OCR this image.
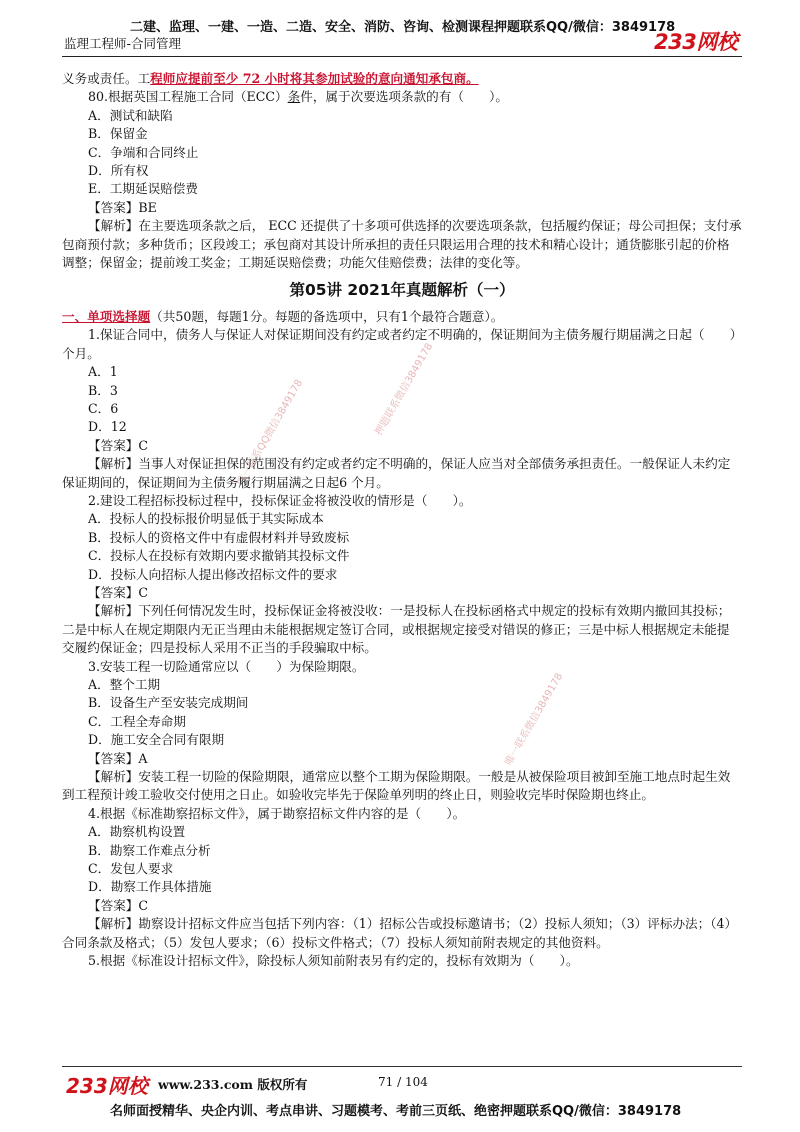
二建、监理、一建、一造、二造、安全、消防、咨询、检测课程押题联系QQ/微信：3849178
监理工程师-合同管理	233网校
唯一联系QQ微信3849178	押题联系微信3849178
唯一联系微信3849178

义务或责任。工程师应提前至少 72 小时将其参加试验的意向通知承包商。

80.根据英国工程施工合同（ECC）条件，属于次要选项条款的有（　　）。

A．测试和缺陷

B．保留金

C．争端和合同终止

D．所有权

E．工期延误赔偿费

【答案】BE

【解析】在主要选项条款之后， ECC 还提供了十多项可供选择的次要选项条款，包括履约保证；母公司担保；支付承包商预付款；多种货币；区段竣工；承包商对其设计所承担的责任只限运用合理的技术和精心设计；通货膨胀引起的价格调整；保留金；提前竣工奖金；工期延误赔偿费；功能欠佳赔偿费；法律的变化等。

第05讲 2021年真题解析（一）

一、单项选择题（共50题，每题1分。每题的备选项中，只有1个最符合题意）。

1.保证合同中，债务人与保证人对保证期间没有约定或者约定不明确的，保证期间为主债务履行期届满之日起（　　）个月。

A．1

B．3

C．6

D．12

【答案】C

【解析】当事人对保证担保的范围没有约定或者约定不明确的，保证人应当对全部债务承担责任。一般保证人未约定保证期间的，保证期间为主债务履行期届满之日起6 个月。

2.建设工程招标投标过程中，投标保证金将被没收的情形是（　　）。

A．投标人的投标报价明显低于其实际成本

B．投标人的资格文件中有虚假材料并导致废标

C．投标人在投标有效期内要求撤销其投标文件

D．投标人向招标人提出修改招标文件的要求

【答案】C

【解析】下列任何情况发生时，投标保证金将被没收：一是投标人在投标函格式中规定的投标有效期内撤回其投标；二是中标人在规定期限内无正当理由未能根据规定签订合同，或根据规定接受对错误的修正；三是中标人根据规定未能提交履约保证金；四是投标人采用不正当的手段骗取中标。

3.安装工程一切险通常应以（　　）为保险期限。

A．整个工期

B．设备生产至安装完成期间

C．工程全寿命期

D．施工安全合同有限期

【答案】A

【解析】安装工程一切险的保险期限，通常应以整个工期为保险期限。一般是从被保险项目被卸至施工地点时起生效到工程预计竣工验收交付使用之日止。如验收完毕先于保险单列明的终止日，则验收完毕时保险期也终止。

4.根据《标准勘察招标文件》，属于勘察招标文件内容的是（　　）。

A．勘察机构设置

B．勘察工作难点分析

C．发包人要求

D．勘察工作具体措施

【答案】C

【解析】勘察设计招标文件应当包括下列内容：（1）招标公告或投标邀请书；（2）投标人须知；（3）评标办法；（4）合同条款及格式；（5）发包人要求；（6）投标文件格式；（7）投标人须知前附表规定的其他资料。

5.根据《标准设计招标文件》，除投标人须知前附表另有约定的，投标有效期为（　　）。

233网校 www.233.com 版权所有	71 / 104
名师面授精华、央企内训、考点串讲、习题模考、考前三页纸、绝密押题联系QQ/微信：3849178
